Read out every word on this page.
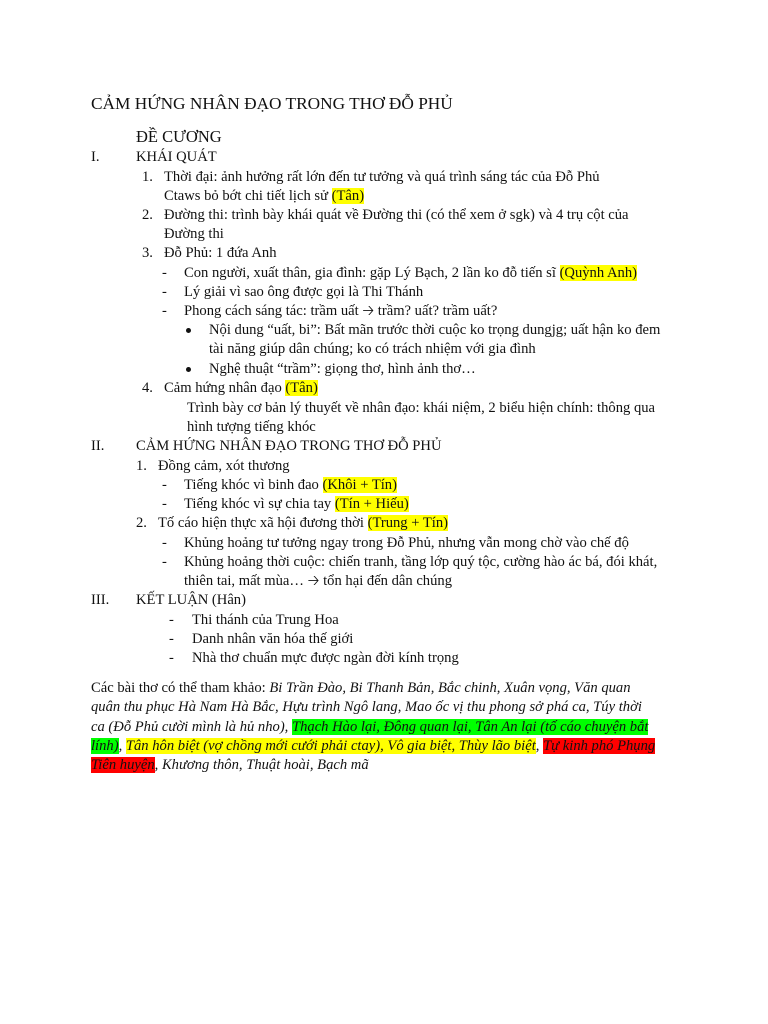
CẢM HỨNG NHÂN ĐẠO TRONG THƠ ĐỖ PHỦ
ĐỀ CƯƠNG
I. KHÁI QUÁT
1. Thời đại: ảnh hưởng rất lớn đến tư tưởng và quá trình sáng tác của Đỗ Phủ
Ctaws bỏ bớt chi tiết lịch sử (Tân)
2. Đường thi: trình bày khái quát về Đường thi (có thể xem ở sgk) và 4 trụ cột của
Đường thi
3. Đỗ Phủ: 1 đứa Anh
- Con người, xuất thân, gia đình: gặp Lý Bạch, 2 lần ko đỗ tiến sĩ (Quỳnh Anh)
- Lý giải vì sao ông được gọi là Thi Thánh
- Phong cách sáng tác: trầm uất 🡢 trầm? uất? trầm uất?
Nội dung “uất, bi”: Bất mãn trước thời cuộc ko trọng dungjg; uất hận ko đem
tài năng giúp dân chúng; ko có trách nhiệm với gia đình
Nghệ thuật “trầm”: giọng thơ, hình ảnh thơ…
4. Cảm hứng nhân đạo (Tân)
Trình bày cơ bản lý thuyết về nhân đạo: khái niệm, 2 biểu hiện chính: thông qua
hình tượng tiếng khóc
II. CẢM HỨNG NHÂN ĐẠO TRONG THƠ ĐỖ PHỦ
1. Đồng cảm, xót thương
- Tiếng khóc vì binh đao (Khôi + Tín)
- Tiếng khóc vì sự chia tay (Tín + Hiếu)
2. Tố cáo hiện thực xã hội đương thời (Trung + Tín)
- Khủng hoảng tư tưởng ngay trong Đỗ Phủ, nhưng vẫn mong chờ vào chế độ
- Khủng hoảng thời cuộc: chiến tranh, tầng lớp quý tộc, cường hào ác bá, đói khát,
thiên tai, mất mùa… 🡢 tổn hại đến dân chúng
III. KẾT LUẬN (Hân)
- Thi thánh của Trung Hoa
- Danh nhân văn hóa thế giới
- Nhà thơ chuẩn mực được ngàn đời kính trọng
Các bài thơ có thể tham khảo: Bi Trần Đào, Bi Thanh Bản, Bắc chinh, Xuân vọng, Văn quan
quân thu phục Hà Nam Hà Bắc, Hựu trình Ngô lang, Mao ốc vị thu phong sở phá ca, Túy thời
ca (Đỗ Phủ cười mình là hủ nho), Thạch Hào lại, Đông quan lại, Tân An lại (tố cáo chuyện bắt
lính), Tân hôn biệt (vợ chồng mới cưới phải ctay), Vô gia biệt, Thùy lão biệt, Tự kinh phó Phụng
Tiên huyện, Khương thôn, Thuật hoài, Bạch mã
